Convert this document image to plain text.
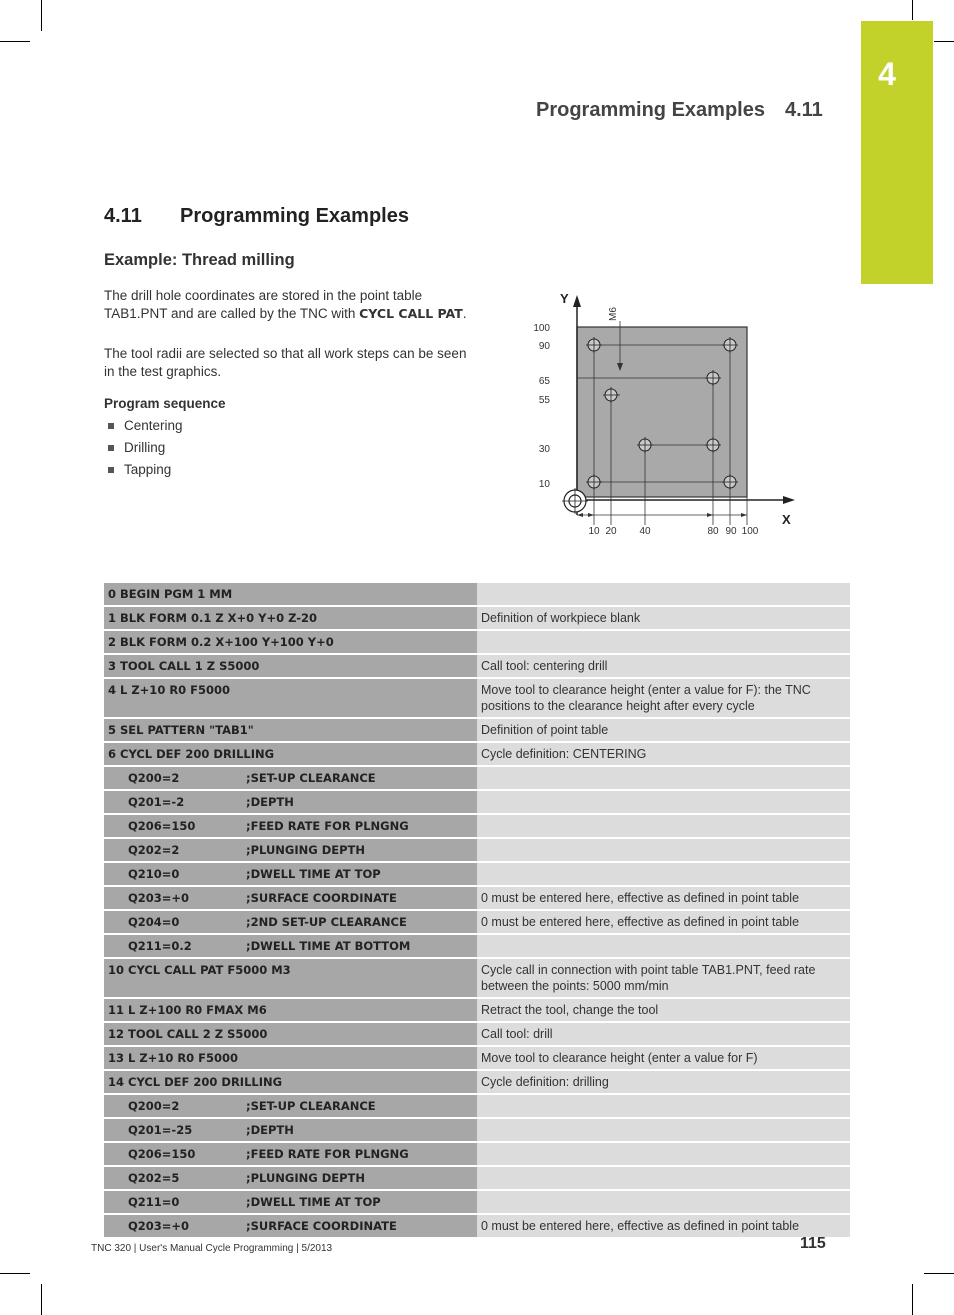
4
Programming Examples 4.11
4.11 Programming Examples
Example: Thread milling

The drill hole coordinates are stored in the point table TAB1.PNT and are called by the TNC with CYCL CALL PAT.

The tool radii are selected so that all work steps can be seen in the test graphics.

Program sequence
Centering
Drilling
Tapping
Y
X
M6
100
90
65
55
30
10
10 20 40	80 90 100
0 BEGIN PGM 1 MM	
1 BLK FORM 0.1 Z X+0 Y+0 Z-20	Definition of workpiece blank
2 BLK FORM 0.2 X+100 Y+100 Y+0	
3 TOOL CALL 1 Z S5000	Call tool: centering drill
4 L Z+10 R0 F5000	Move tool to clearance height (enter a value for F): the TNC positions to the clearance height after every cycle
5 SEL PATTERN "TAB1"	Definition of point table
6 CYCL DEF 200 DRILLING	Cycle definition: CENTERING
Q200=2 ;SET-UP CLEARANCE	
Q201=-2 ;DEPTH	
Q206=150 ;FEED RATE FOR PLNGNG	
Q202=2 ;PLUNGING DEPTH	
Q210=0 ;DWELL TIME AT TOP	
Q203=+0 ;SURFACE COORDINATE	0 must be entered here, effective as defined in point table
Q204=0 ;2ND SET-UP CLEARANCE	0 must be entered here, effective as defined in point table
Q211=0.2 ;DWELL TIME AT BOTTOM	
10 CYCL CALL PAT F5000 M3	Cycle call in connection with point table TAB1.PNT, feed rate between the points: 5000 mm/min
11 L Z+100 R0 FMAX M6	Retract the tool, change the tool
12 TOOL CALL 2 Z S5000	Call tool: drill
13 L Z+10 R0 F5000	Move tool to clearance height (enter a value for F)
14 CYCL DEF 200 DRILLING	Cycle definition: drilling
Q200=2 ;SET-UP CLEARANCE	
Q201=-25 ;DEPTH	
Q206=150 ;FEED RATE FOR PLNGNG	
Q202=5 ;PLUNGING DEPTH	
Q211=0 ;DWELL TIME AT TOP	
Q203=+0 ;SURFACE COORDINATE	0 must be entered here, effective as defined in point table
TNC 320 | User's Manual Cycle Programming | 5/2013	115
